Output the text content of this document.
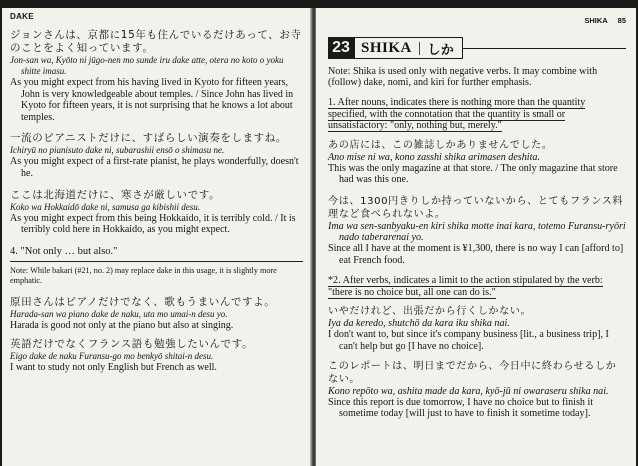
DAKE

ジョンさんは、京都に15年も住んでいるだけあって、お寺のことをよく知っています。

Jon-san wa, Kyōto ni jūgo-nen mo sunde iru dake atte, otera no koto o yoku shitte imasu.

As you might expect from his having lived in Kyoto for fifteen years, John is very knowledgeable about temples. / Since John has lived in Kyoto for fifteen years, it is not surprising that he knows a lot about temples.

一流のピアニストだけに、すばらしい演奏をしますね。

Ichiryū no pianisuto dake ni, subarashii ensō o shimasu ne.

As you might expect of a first-rate pianist, he plays wonderfully, doesn't he.

ここは北海道だけに、寒さが厳しいです。

Koko wa Hokkaidō dake ni, samusa ga kibishii desu.

As you might expect from this being Hokkaido, it is terribly cold. / It is terribly cold here in Hokkaido, as you might expect.

4. "Not only … but also."

Note: While bakari (#21, no. 2) may replace dake in this usage, it is slightly more emphatic.

原田さんはピアノだけでなく、歌もうまいんですよ。

Harada-san wa piano dake de naku, uta mo umai-n desu yo.

Harada is good not only at the piano but also at singing.

英語だけでなくフランス語も勉強したいんです。

Eigo dake de naku Furansu-go mo benkyō shitai-n desu.

I want to study not only English but French as well.

SHIKA 85
23 SHIKA | しか

Note: Shika is used only with negative verbs. It may combine with (follow) dake, nomi, and kiri for further emphasis.

1. After nouns, indicates there is nothing more than the quantity specified, with the connotation that the quantity is small or unsatisfactory: "only, nothing but, merely."

あの店には、この雑誌しかありませんでした。

Ano mise ni wa, kono zasshi shika arimasen deshita.

This was the only magazine at that store. / The only magazine that store had was this one.

今は、1300円きりしか持っていないから、とてもフランス料理など食べられないよ。

Ima wa sen-sanbyaku-en kiri shika motte inai kara, totemo Furansu-ryōri nado taberarenai yo.

Since all I have at the moment is ¥1,300, there is no way I can [afford to] eat French food.

*2. After verbs, indicates a limit to the action stipulated by the verb: "there is no choice but, all one can do is."

いやだけれど、出張だから行くしかない。

Iya da keredo, shutchō da kara iku shika nai.

I don't want to, but since it's company business [lit., a business trip], I can't help but go [I have no choice].

このレポートは、明日までだから、今日中に終わらせるしかない。

Kono repōto wa, ashita made da kara, kyō-jū ni owaraseru shika nai.

Since this report is due tomorrow, I have no choice but to finish it sometime today [will just to have to finish it sometime today].
